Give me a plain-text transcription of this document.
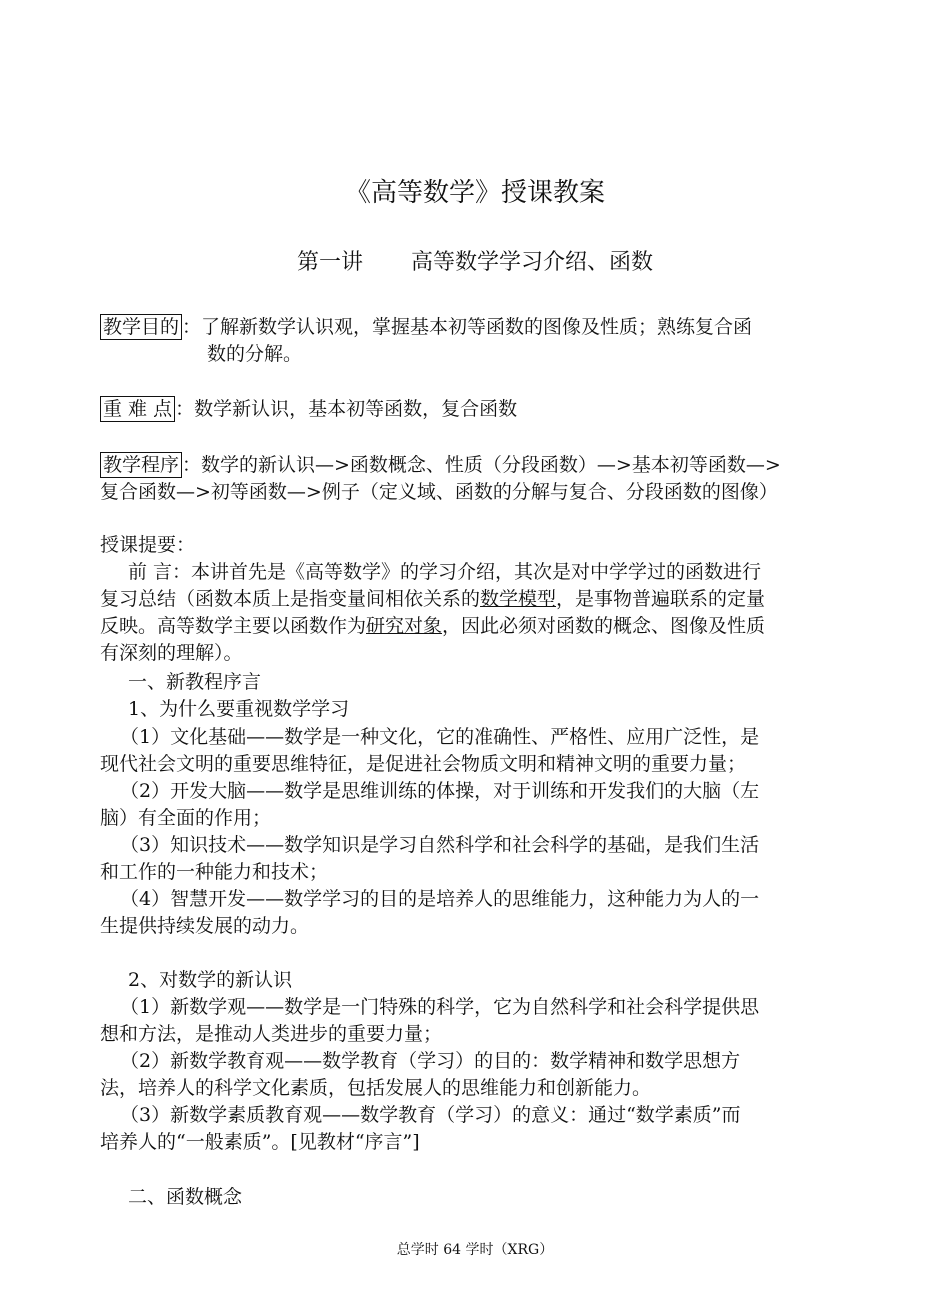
《高等数学》授课教案
第一讲 高等数学学习介绍、函数
教学目的 ：了解新数学认识观，掌握基本初等函数的图像及性质；熟练复合函
数的分解。
重 难 点 ：数学新认识，基本初等函数，复合函数
教学程序 ：数学的新认识—>函数概念、性质（分段函数）—>基本初等函数—>
复合函数—>初等函数—>例子（定义域、函数的分解与复合、分段函数的图像）
授课提要：
前 言：本讲首先是《高等数学》的学习介绍，其次是对中学学过的函数进行
复习总结（函数本质上是指变量间相依关系的数学模型，是事物普遍联系的定量
反映。高等数学主要以函数作为研究对象，因此必须对函数的概念、图像及性质
有深刻的理解）。
一、新教程序言
1、为什么要重视数学学习
（1）文化基础——数学是一种文化，它的准确性、严格性、应用广泛性，是
现代社会文明的重要思维特征，是促进社会物质文明和精神文明的重要力量；
（2）开发大脑——数学是思维训练的体操，对于训练和开发我们的大脑（左
脑）有全面的作用；
（3）知识技术——数学知识是学习自然科学和社会科学的基础，是我们生活
和工作的一种能力和技术；
（4）智慧开发——数学学习的目的是培养人的思维能力，这种能力为人的一
生提供持续发展的动力。
2、对数学的新认识
（1）新数学观——数学是一门特殊的科学，它为自然科学和社会科学提供思
想和方法，是推动人类进步的重要力量；
（2）新数学教育观——数学教育（学习）的目的：数学精神和数学思想方
法，培养人的科学文化素质，包括发展人的思维能力和创新能力。
（3）新数学素质教育观——数学教育（学习）的意义：通过“数学素质”而
培养人的“一般素质”。[见教材“序言”]
二、函数概念
总学时 64 学时（XRG）
